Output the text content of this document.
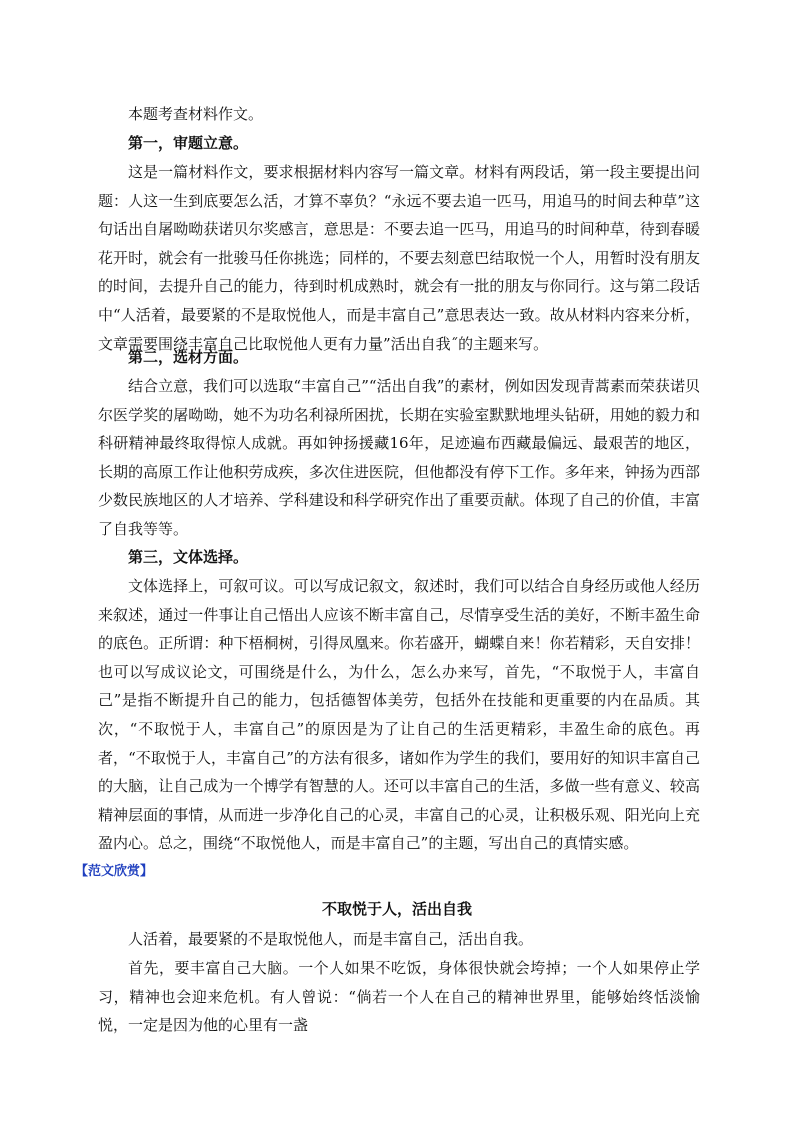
本题考查材料作文。
第一，审题立意。
这是一篇材料作文，要求根据材料内容写一篇文章。材料有两段话，第一段主要提出问题：人这一生到底要怎么活，才算不辜负？“永远不要去追一匹马，用追马的时间去种草”这句话出自屠呦呦获诺贝尔奖感言，意思是：不要去追一匹马，用追马的时间种草，待到春暖花开时，就会有一批骏马任你挑选；同样的，不要去刻意巴结取悦一个人，用暂时没有朋友的时间，去提升自己的能力，待到时机成熟时，就会有一批的朋友与你同行。这与第二段话中“人活着，最要紧的不是取悦他人，而是丰富自己”意思表达一致。故从材料内容来分析，文章需要围绕丰富自己比取悦他人更有力量”活出自我˝的主题来写。
第二，选材方面。
结合立意，我们可以选取“丰富自己”“活出自我”的素材，例如因发现青蒿素而荣获诺贝尔医学奖的屠呦呦，她不为功名利禄所困扰，长期在实验室默默地埋头钻研，用她的毅力和科研精神最终取得惊人成就。再如钟扬援藏16年，足迹遍布西藏最偏远、最艰苦的地区，长期的高原工作让他积劳成疾，多次住进医院，但他都没有停下工作。多年来，钟扬为西部少数民族地区的人才培养、学科建设和科学研究作出了重要贡献。体现了自己的价值，丰富了自我等等。
第三，文体选择。
文体选择上，可叙可议。可以写成记叙文，叙述时，我们可以结合自身经历或他人经历来叙述，通过一件事让自己悟出人应该不断丰富自己，尽情享受生活的美好，不断丰盈生命的底色。正所谓：种下梧桐树，引得凤凰来。你若盛开，蝴蝶自来！你若精彩，天自安排！也可以写成议论文，可围绕是什么，为什么，怎么办来写，首先，“不取悦于人，丰富自己”是指不断提升自己的能力，包括德智体美劳，包括外在技能和更重要的内在品质。其次，“不取悦于人，丰富自己”的原因是为了让自己的生活更精彩，丰盈生命的底色。再者，“不取悦于人，丰富自己”的方法有很多，诸如作为学生的我们，要用好的知识丰富自己的大脑，让自己成为一个博学有智慧的人。还可以丰富自己的生活，多做一些有意义、较高精神层面的事情，从而进一步净化自己的心灵，丰富自己的心灵，让积极乐观、阳光向上充盈内心。总之，围绕“不取悦他人，而是丰富自己”的主题，写出自己的真情实感。
【范文欣赏】
不取悦于人，活出自我
人活着，最要紧的不是取悦他人，而是丰富自己，活出自我。
首先，要丰富自己大脑。一个人如果不吃饭，身体很快就会垮掉；一个人如果停止学习，精神也会迎来危机。有人曾说：“倘若一个人在自己的精神世界里，能够始终恬淡愉悦，一定是因为他的心里有一盏
